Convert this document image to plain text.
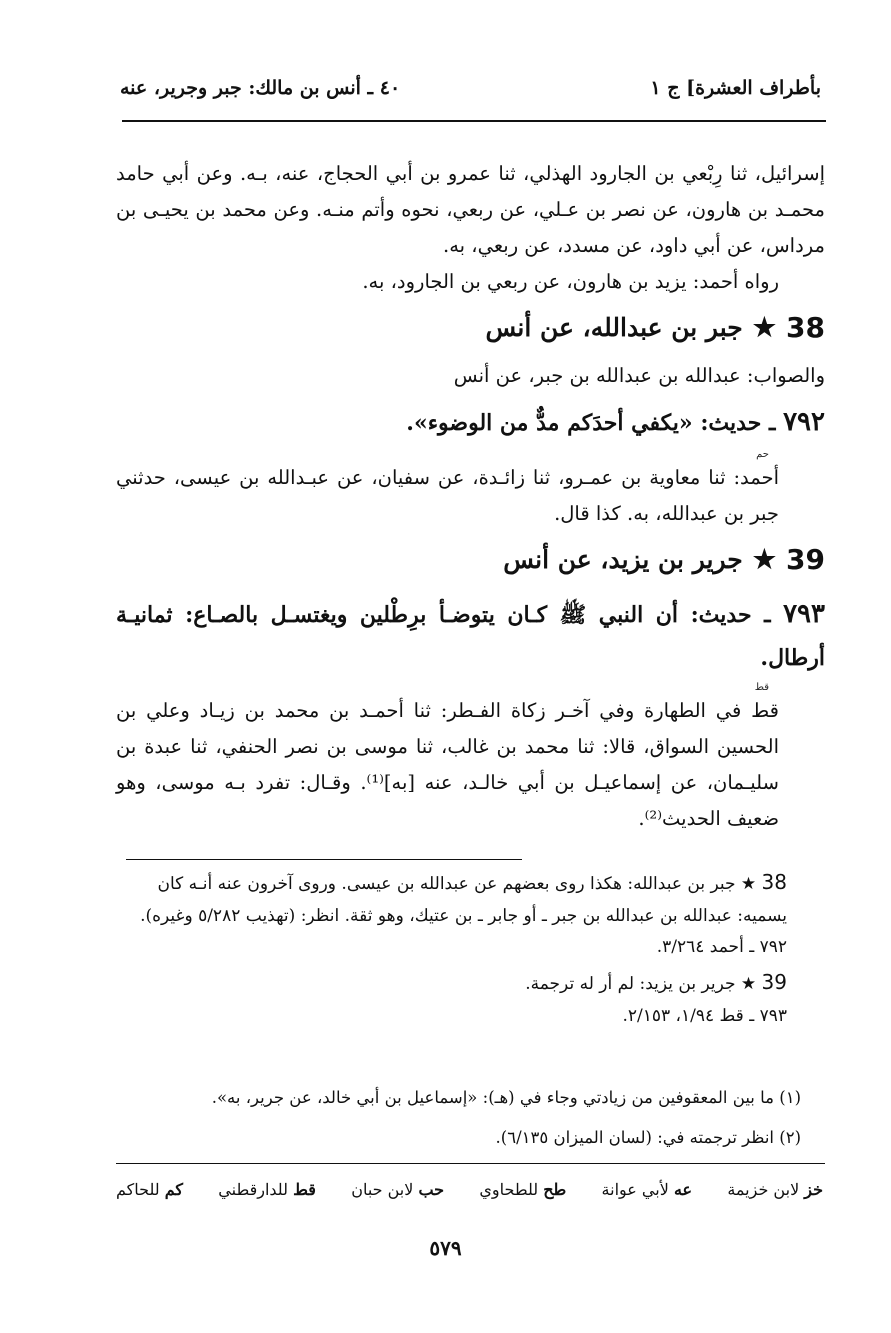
بأطراف العشرة] ج ١
٤٠ ـ أنس بن مالك: جبر وجرير، عنه

إسرائيل، ثنا رِبْعي بن الجارود الهذلي، ثنا عمرو بن أبي الحجاج، عنه، بـه. وعن أبي حامد محمـد بن هارون، عن نصر بن عـلي، عن ربعي، نحوه وأتم منـه. وعن محمد بن يحيـى بن مرداس، عن أبي داود، عن مسدد، عن ربعي، به.

رواه أحمد: يزيد بن هارون، عن ربعي بن الجارود، به.

38
★
جبر بن عبدالله، عن أنس

والصواب: عبدالله بن عبدالله بن جبر، عن أنس

٧٩٢ ـ حديث: «يكفي أحدَكم مدٌّ من الوضوء».
حم

أحمد: ثنا معاوية بن عمـرو، ثنا زائـدة، عن سفيان، عن عبـدالله بن عيسى، حدثني جبر بن عبدالله، به. كذا قال.

39
★
جرير بن يزيد، عن أنس
٧٩٣ ـ حديث: أن النبي ﷺ كـان يتوضـأ برِطْلين ويغتسـل بالصـاع: ثمانيـة أرطال.
قط

قط في الطهارة وفي آخـر زكاة الفـطر: ثنا أحمـد بن محمد بن زيـاد وعلي بن الحسين السواق، قالا: ثنا محمد بن غالب، ثنا موسى بن نصر الحنفي، ثنا عبدة بن سليـمان، عن إسماعيـل بن أبي خالـد، عنه [به]⁽¹⁾. وقـال: تفرد بـه موسى، وهو ضعيف الحديث⁽²⁾.

38 ★ جبر بن عبدالله: هكذا روى بعضهم عن عبدالله بن عيسى. وروى آخرون عنه أنـه كان يسميه: عبدالله بن عبدالله بن جبر ـ أو جابر ـ بن عتيك، وهو ثقة. انظر: (تهذيب ٥/٢٨٢ وغيره).

٧٩٢ ـ أحمد ٣/٢٦٤.

39 ★ جرير بن يزيد: لم أر له ترجمة.

٧٩٣ ـ قط ١/٩٤، ٢/١٥٣.

(١) ما بين المعقوفين من زيادتي وجاء في (هـ): «إسماعيل بن أبي خالد، عن جرير، به».

(٢) انظر ترجمته في: (لسان الميزان ٦/١٣٥).

خز لابن خزيمة
عه لأبي عوانة
طح للطحاوي
حب لابن حبان
قط للدارقطني
كم للحاكم
٥٧٩
